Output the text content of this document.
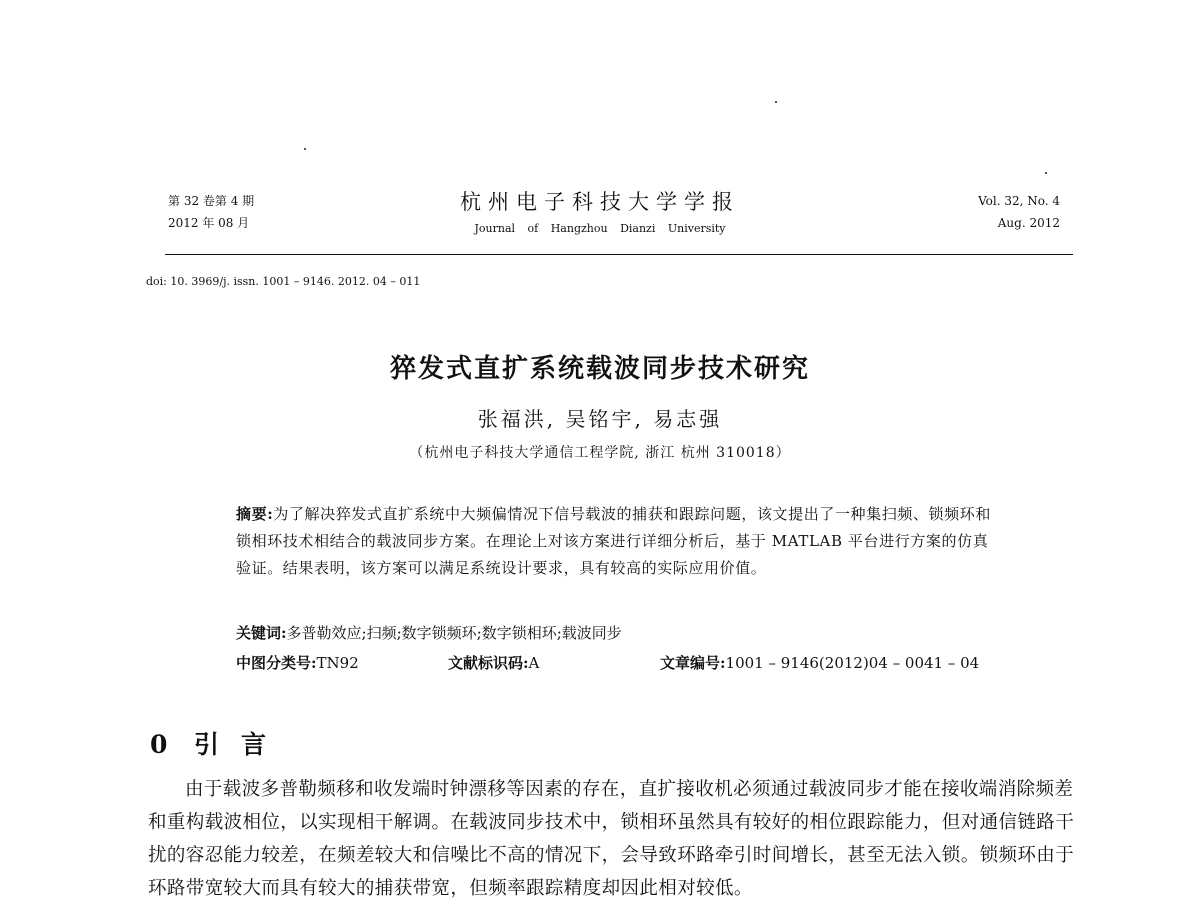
第 32 卷第 4 期
2012 年 08 月
杭州电子科技大学学报
Journal of Hangzhou Dianzi University
Vol. 32, No. 4
Aug. 2012
doi: 10. 3969/j. issn. 1001 – 9146. 2012. 04 – 011
猝发式直扩系统载波同步技术研究
张福洪, 吴铭宇, 易志强
（杭州电子科技大学通信工程学院, 浙江 杭州 310018）
摘要:为了解决猝发式直扩系统中大频偏情况下信号载波的捕获和跟踪问题，该文提出了一种集扫频、锁频环和锁相环技术相结合的载波同步方案。在理论上对该方案进行详细分析后，基于 MATLAB 平台进行方案的仿真验证。结果表明，该方案可以满足系统设计要求，具有较高的实际应用价值。
关键词:多普勒效应;扫频;数字锁频环;数字锁相环;载波同步
中图分类号:TN92	文献标识码:A	文章编号:1001 – 9146(2012)04 – 0041 – 04
0 引言

由于载波多普勒频移和收发端时钟漂移等因素的存在，直扩接收机必须通过载波同步才能在接收端消除频差和重构载波相位，以实现相干解调。在载波同步技术中，锁相环虽然具有较好的相位跟踪能力，但对通信链路干扰的容忍能力较差，在频差较大和信噪比不高的情况下，会导致环路牵引时间增长，甚至无法入锁。锁频环由于环路带宽较大而具有较大的捕获带宽，但频率跟踪精度却因此相对较低。
